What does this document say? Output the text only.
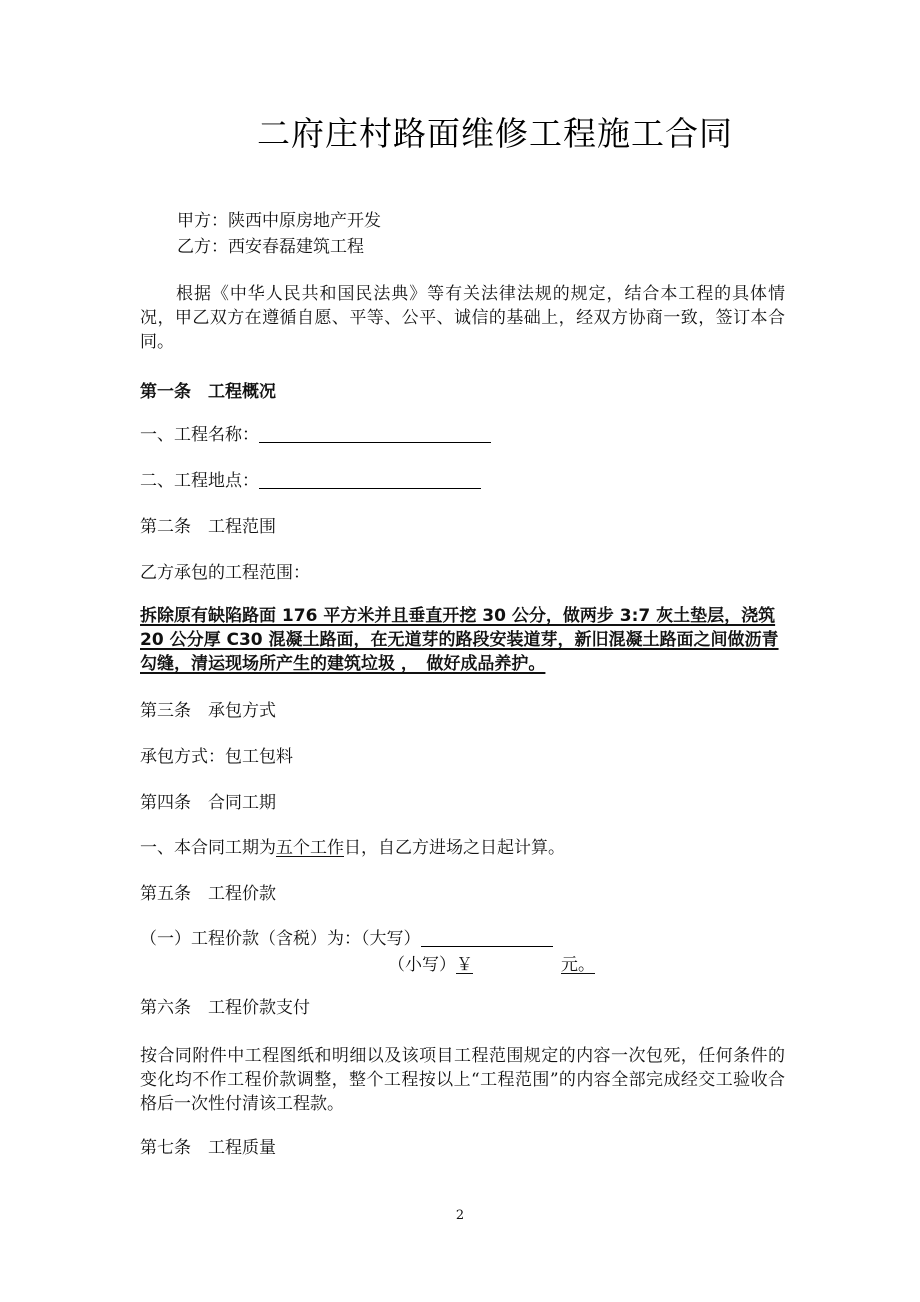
二府庄村路面维修工程施工合同
甲方：陕西中原房地产开发
乙方：西安春磊建筑工程
根据《中华人民共和国民法典》等有关法律法规的规定，结合本工程的具体情况，甲乙双方在遵循自愿、平等、公平、诚信的基础上，经双方协商一致，签订本合同。
第一条　工程概况
一、工程名称：
二、工程地点：
第二条　工程范围
乙方承包的工程范围：
拆除原有缺陷路面 176 平方米并且垂直开挖 30 公分，做两步 3:7 灰土垫层，浇筑 20 公分厚 C30 混凝土路面，在无道芽的路段安装道芽，新旧混凝土路面之间做沥青勾缝，清运现场所产生的建筑垃圾 ，　做好成品养护。
第三条　承包方式
承包方式：包工包料
第四条　合同工期
一、本合同工期为五个工作日，自乙方进场之日起计算。
第五条　工程价款
（一）工程价款（含税）为：（大写）
（小写）￥	元。
第六条　工程价款支付
按合同附件中工程图纸和明细以及该项目工程范围规定的内容一次包死，任何条件的变化均不作工程价款调整，整个工程按以上“工程范围”的内容全部完成经交工验收合格后一次性付清该工程款。
第七条　工程质量
2
